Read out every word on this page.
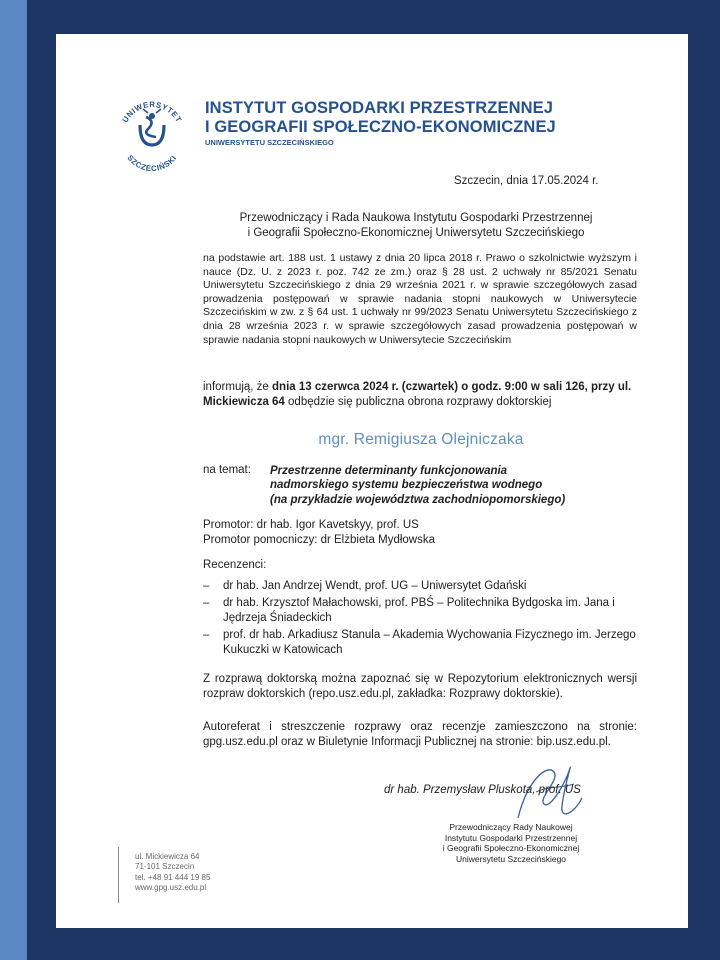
UNIWERSYTET
SZCZECIŃSKI
INSTYTUT GOSPODARKI PRZESTRZENNEJ
I GEOGRAFII SPOŁECZNO-EKONOMICZNEJ
UNIWERSYTETU SZCZECIŃSKIEGO
Szczecin, dnia 17.05.2024 r.
Przewodniczący i Rada Naukowa Instytutu Gospodarki Przestrzennej
i Geografii Społeczno-Ekonomicznej Uniwersytetu Szczecińskiego
na podstawie art. 188 ust. 1 ustawy z dnia 20 lipca 2018 r. Prawo o szkolnictwie wyższym i nauce (Dz. U. z 2023 r. poz. 742 ze zm.) oraz § 28 ust. 2 uchwały nr 85/2021 Senatu Uniwersytetu Szczecińskiego z dnia 29 września 2021 r. w sprawie szczegółowych zasad prowadzenia postępowań w sprawie nadania stopni naukowych w Uniwersytecie Szczecińskim w zw. z § 64 ust. 1 uchwały nr 99/2023 Senatu Uniwersytetu Szczecińskiego z dnia 28 września 2023 r. w sprawie szczegółowych zasad prowadzenia postępowań w sprawie nadania stopni naukowych w Uniwersytecie Szczecińskim
informują, że dnia 13 czerwca 2024 r. (czwartek) o godz. 9:00 w sali 126, przy ul. Mickiewicza 64 odbędzie się publiczna obrona rozprawy doktorskiej
mgr. Remigiusza Olejniczaka
na temat: Przestrzenne determinanty funkcjonowania
nadmorskiego systemu bezpieczeństwa wodnego
(na przykładzie województwa zachodniopomorskiego)
Promotor: dr hab. Igor Kavetskyy, prof. US
Promotor pomocniczy: dr Elżbieta Mydłowska
Recenzenci:
– dr hab. Jan Andrzej Wendt, prof. UG – Uniwersytet Gdański
– dr hab. Krzysztof Małachowski, prof. PBŚ – Politechnika Bydgoska im. Jana i Jędrzeja Śniadeckich
– prof. dr hab. Arkadiusz Stanula – Akademia Wychowania Fizycznego im. Jerzego Kukuczki w Katowicach
Z rozprawą doktorską można zapoznać się w Repozytorium elektronicznych wersji rozpraw doktorskich (repo.usz.edu.pl, zakładka: Rozprawy doktorskie).
Autoreferat i streszczenie rozprawy oraz recenzje zamieszczono na stronie: gpg.usz.edu.pl oraz w Biuletynie Informacji Publicznej na stronie: bip.usz.edu.pl.
dr hab. Przemysław Pluskota, prof. US
Przewodniczący Rady Naukowej
Instytutu Gospodarki Przestrzennej
i Geografii Społeczno-Ekonomicznej
Uniwersytetu Szczecińskiego
ul. Mickiewicza 64
71-101 Szczecin
tel. +48 91 444 19 85
www.gpg.usz.edu.pl
